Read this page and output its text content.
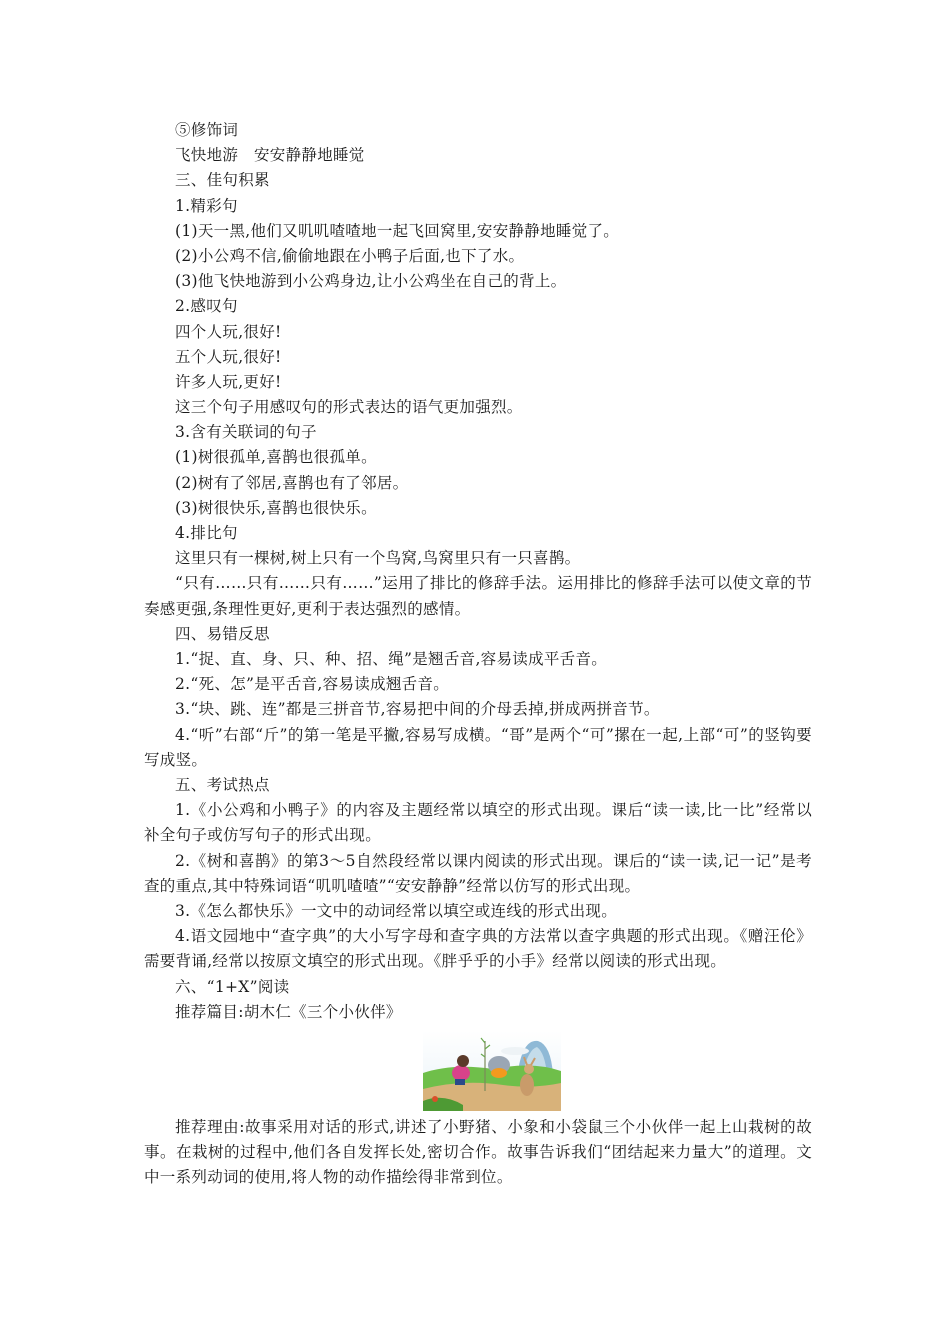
⑤修饰词
飞快地游　安安静静地睡觉
三、佳句积累
1.精彩句
(1)天一黑,他们又叽叽喳喳地一起飞回窝里,安安静静地睡觉了。
(2)小公鸡不信,偷偷地跟在小鸭子后面,也下了水。
(3)他飞快地游到小公鸡身边,让小公鸡坐在自己的背上。
2.感叹句
四个人玩,很好!
五个人玩,很好!
许多人玩,更好!
这三个句子用感叹句的形式表达的语气更加强烈。
3.含有关联词的句子
(1)树很孤单,喜鹊也很孤单。
(2)树有了邻居,喜鹊也有了邻居。
(3)树很快乐,喜鹊也很快乐。
4.排比句
这里只有一棵树,树上只有一个鸟窝,鸟窝里只有一只喜鹊。
“只有……只有……只有……”运用了排比的修辞手法。运用排比的修辞手法可以使文章的节奏感更强,条理性更好,更利于表达强烈的感情。
四、易错反思
1.“捉、直、身、只、种、招、绳”是翘舌音,容易读成平舌音。
2.“死、怎”是平舌音,容易读成翘舌音。
3.“块、跳、连”都是三拼音节,容易把中间的介母丢掉,拼成两拼音节。
4.“听”右部“斤”的第一笔是平撇,容易写成横。“哥”是两个“可”摞在一起,上部“可”的竖钩要写成竖。
五、考试热点
1.《小公鸡和小鸭子》的内容及主题经常以填空的形式出现。课后“读一读,比一比”经常以补全句子或仿写句子的形式出现。
2.《树和喜鹊》的第3～5自然段经常以课内阅读的形式出现。课后的“读一读,记一记”是考查的重点,其中特殊词语“叽叽喳喳”“安安静静”经常以仿写的形式出现。
3.《怎么都快乐》一文中的动词经常以填空或连线的形式出现。
4.语文园地中“查字典”的大小写字母和查字典的方法常以查字典题的形式出现。《赠汪伦》需要背诵,经常以按原文填空的形式出现。《胖乎乎的小手》经常以阅读的形式出现。
六、“1+X”阅读
推荐篇目:胡木仁《三个小伙伴》
推荐理由:故事采用对话的形式,讲述了小野猪、小象和小袋鼠三个小伙伴一起上山栽树的故事。在栽树的过程中,他们各自发挥长处,密切合作。故事告诉我们“团结起来力量大”的道理。文中一系列动词的使用,将人物的动作描绘得非常到位。
